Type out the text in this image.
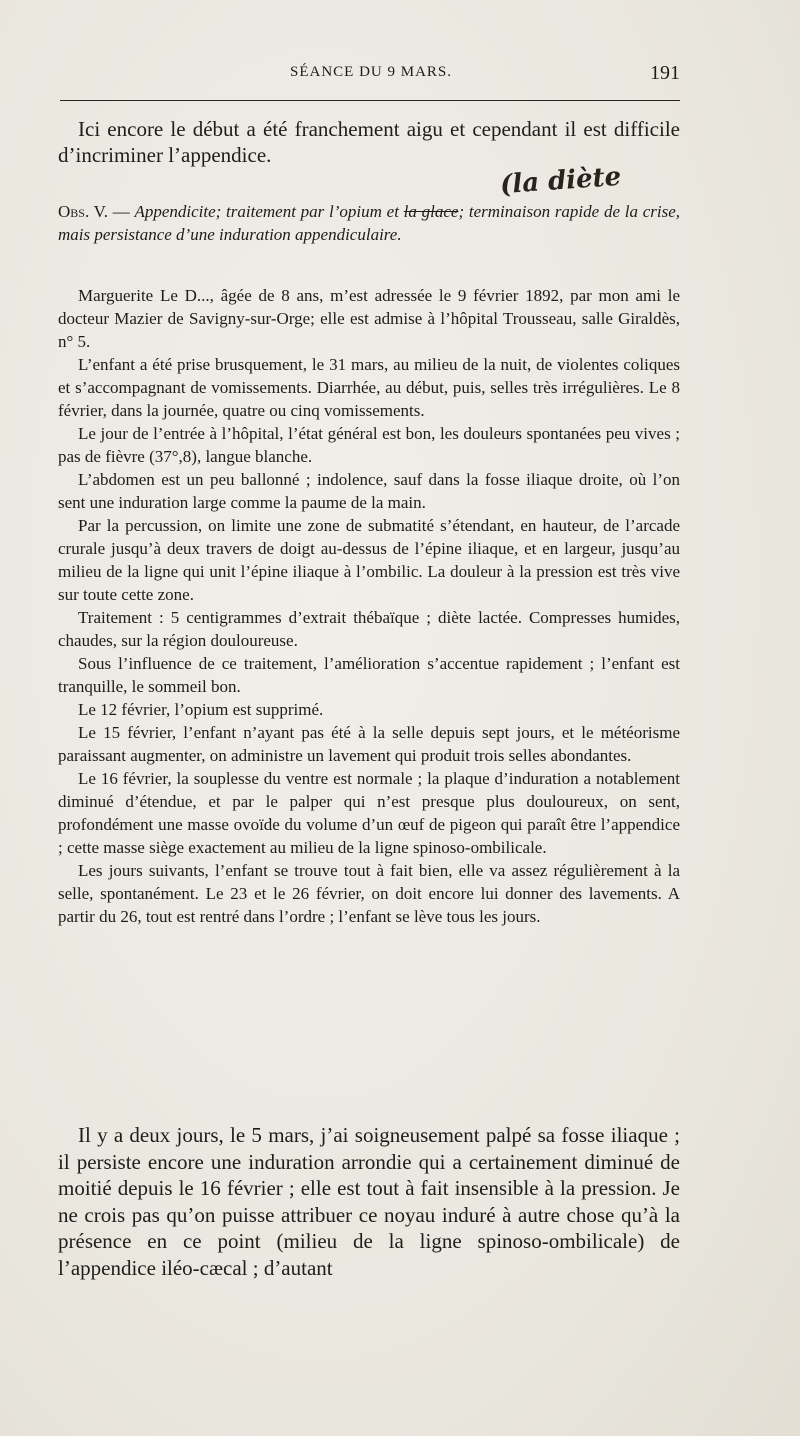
SÉANCE DU 9 MARS.	191

Ici encore le début a été franchement aigu et cependant il est difficile d’incriminer l’appendice.

(la diète
Obs. V. — Appendicite; traitement par l’opium et la glace; terminaison rapide de la crise, mais persistance d’une induration appendiculaire.

Marguerite Le D..., âgée de 8 ans, m’est adressée le 9 février 1892, par mon ami le docteur Mazier de Savigny-sur-Orge; elle est admise à l’hôpital Trousseau, salle Giraldès, n° 5.

L’enfant a été prise brusquement, le 31 mars, au milieu de la nuit, de violentes coliques et s’accompagnant de vomissements. Diarrhée, au début, puis, selles très irrégulières. Le 8 février, dans la journée, quatre ou cinq vomissements.

Le jour de l’entrée à l’hôpital, l’état général est bon, les douleurs spontanées peu vives ; pas de fièvre (37°,8), langue blanche.

L’abdomen est un peu ballonné ; indolence, sauf dans la fosse iliaque droite, où l’on sent une induration large comme la paume de la main.

Par la percussion, on limite une zone de submatité s’étendant, en hauteur, de l’arcade crurale jusqu’à deux travers de doigt au-dessus de l’épine iliaque, et en largeur, jusqu’au milieu de la ligne qui unit l’épine iliaque à l’ombilic. La douleur à la pression est très vive sur toute cette zone.

Traitement : 5 centigrammes d’extrait thébaïque ; diète lactée. Compresses humides, chaudes, sur la région douloureuse.

Sous l’influence de ce traitement, l’amélioration s’accentue rapidement ; l’enfant est tranquille, le sommeil bon.

Le 12 février, l’opium est supprimé.

Le 15 février, l’enfant n’ayant pas été à la selle depuis sept jours, et le météorisme paraissant augmenter, on administre un lavement qui produit trois selles abondantes.

Le 16 février, la souplesse du ventre est normale ; la plaque d’induration a notablement diminué d’étendue, et par le palper qui n’est presque plus douloureux, on sent, profondément une masse ovoïde du volume d’un œuf de pigeon qui paraît être l’appendice ; cette masse siège exactement au milieu de la ligne spinoso-ombilicale.

Les jours suivants, l’enfant se trouve tout à fait bien, elle va assez régulièrement à la selle, spontanément. Le 23 et le 26 février, on doit encore lui donner des lavements. A partir du 26, tout est rentré dans l’ordre ; l’enfant se lève tous les jours.

Il y a deux jours, le 5 mars, j’ai soigneusement palpé sa fosse iliaque ; il persiste encore une induration arrondie qui a certainement diminué de moitié depuis le 16 février ; elle est tout à fait insensible à la pression. Je ne crois pas qu’on puisse attribuer ce noyau induré à autre chose qu’à la présence en ce point (milieu de la ligne spinoso-ombilicale) de l’appendice iléo-cæcal ; d’autant
